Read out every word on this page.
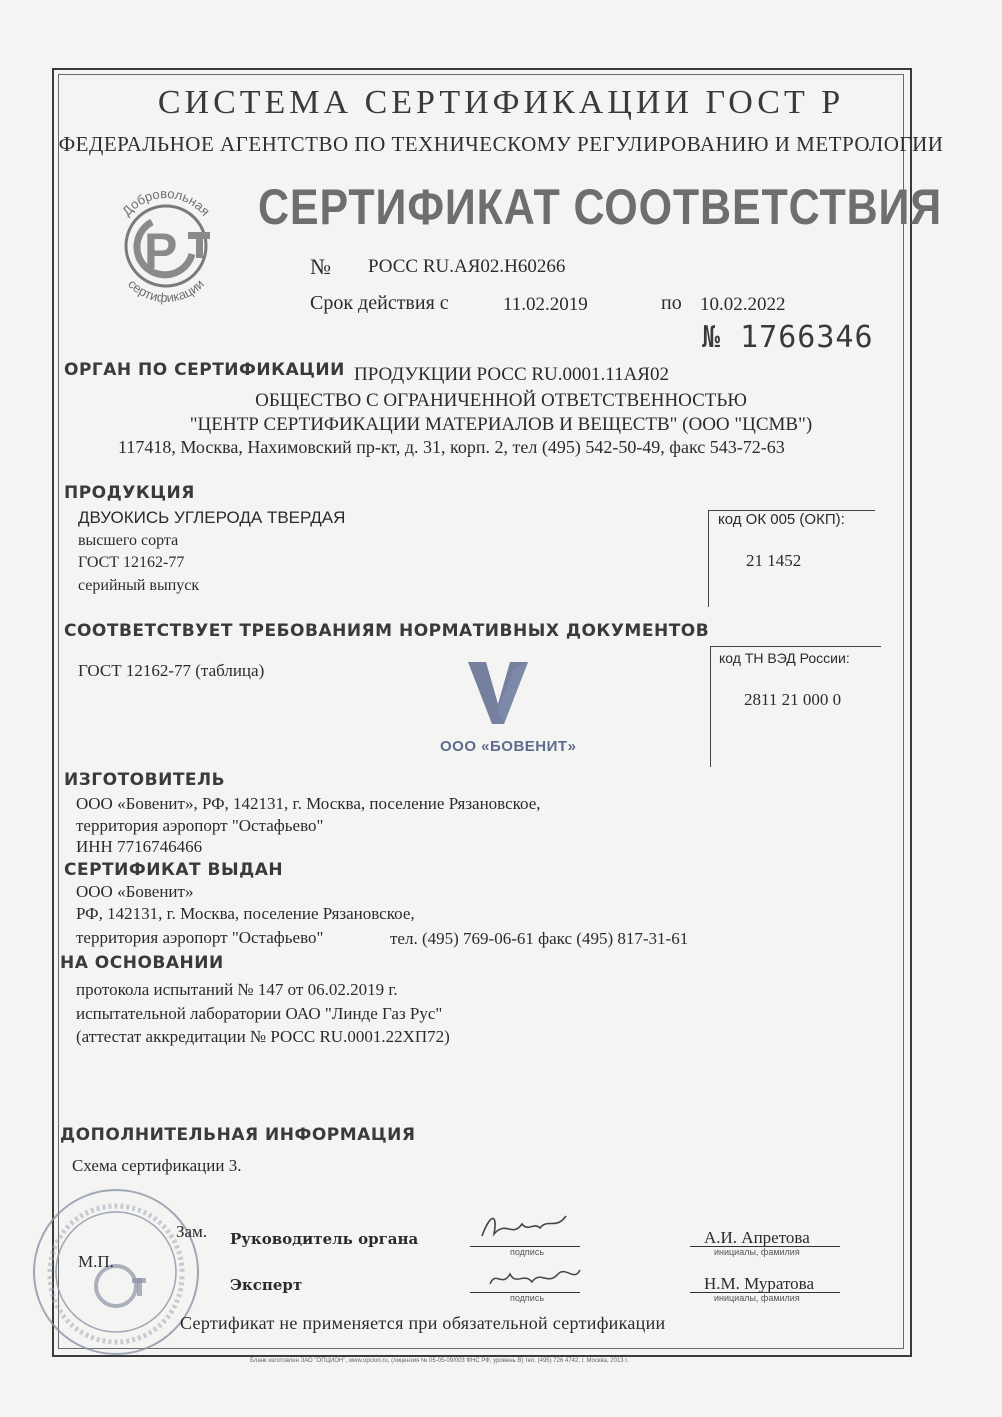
СИСТЕМА СЕРТИФИКАЦИИ ГОСТ Р
ФЕДЕРАЛЬНОЕ АГЕНТСТВО ПО ТЕХНИЧЕСКОМУ РЕГУЛИРОВАНИЮ И МЕТРОЛОГИИ
P
Добровольная
сертификации
СЕРТИФИКАТ СООТВЕТСТВИЯ
№ РОСС RU.АЯ02.Н60266
Срок действия с	11.02.2019	по 10.02.2022
№ 1766346
ОРГАН ПО СЕРТИФИКАЦИИ ПРОДУКЦИИ РОСС RU.0001.11АЯ02
ОБЩЕСТВО С ОГРАНИЧЕННОЙ ОТВЕТСТВЕННОСТЬЮ
"ЦЕНТР СЕРТИФИКАЦИИ МАТЕРИАЛОВ И ВЕЩЕСТВ" (ООО "ЦСМВ")
117418, Москва, Нахимовский пр-кт, д. 31, корп. 2, тел (495) 542-50-49, факс 543-72-63
ПРОДУКЦИЯ
ДВУОКИСЬ УГЛЕРОДА ТВЕРДАЯ
высшего сорта
ГОСТ 12162-77
серийный выпуск
код ОК 005 (ОКП):
21 1452
СООТВЕТСТВУЕТ ТРЕБОВАНИЯМ НОРМАТИВНЫХ ДОКУМЕНТОВ
ГОСТ 12162-77 (таблица)
код ТН ВЭД России:
2811 21 000 0
ООО «БОВЕНИТ»
ИЗГОТОВИТЕЛЬ
ООО «Бовенит», РФ, 142131, г. Москва, поселение Рязановское,
территория аэропорт "Остафьево"
ИНН 7716746466
СЕРТИФИКАТ ВЫДАН
ООО «Бовенит»
РФ, 142131, г. Москва, поселение Рязановское,
территория аэропорт "Остафьево"	тел. (495) 769-06-61 факс (495) 817-31-61
НА ОСНОВАНИИ
протокола испытаний № 147 от 06.02.2019 г.
испытательной лаборатории ОАО "Линде Газ Рус"
(аттестат аккредитации № РОСС RU.0001.22ХП72)
ДОПОЛНИТЕЛЬНАЯ ИНФОРМАЦИЯ
Схема сертификации 3.
Зам.
М.П.
Руководитель органа
подпись
А.И. Апретова
инициалы, фамилия
Эксперт
подпись
Н.М. Муратова
инициалы, фамилия
Сертификат не применяется при обязательной сертификации
Бланк изготовлен ЗАО "ОПЦИОН", www.opcion.ru, (лицензия № 05-05-09/003 ФНС РФ, уровень В) тел. (495) 726 4742, г. Москва, 2013 г.
